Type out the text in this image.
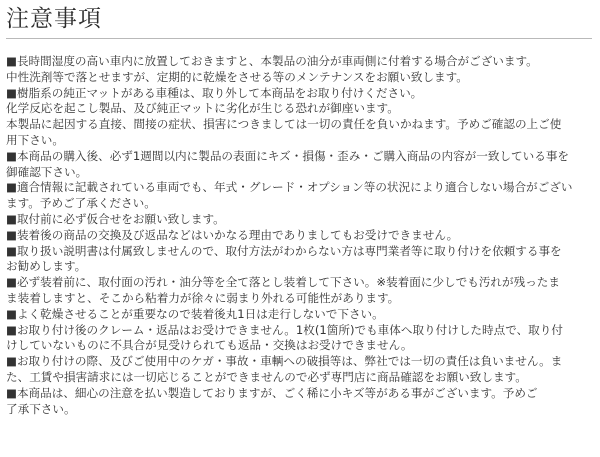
注意事項
■長時間湿度の高い車内に放置しておきますと、本製品の油分が車両側に付着する場合がございます。
中性洗剤等で落とせますが、定期的に乾燥をさせる等のメンテナンスをお願い致します。
■樹脂系の純正マットがある車種は、取り外して本商品をお取り付けください。
化学反応を起こし製品、及び純正マットに劣化が生じる恐れが御座います。
本製品に起因する直接、間接の症状、損害につきましては一切の責任を負いかねます。予めご確認の上ご使
用下さい。
■本商品の購入後、必ず1週間以内に製品の表面にキズ・損傷・歪み・ご購入商品の内容が一致している事を
御確認下さい。
■適合情報に記載されている車両でも、年式・グレード・オプション等の状況により適合しない場合がござい
ます。予めご了承ください。
■取付前に必ず仮合せをお願い致します。
■装着後の商品の交換及び返品などはいかなる理由でありましてもお受けできません。
■取り扱い説明書は付属致しませんので、取付方法がわからない方は専門業者等に取り付けを依頼する事を
お勧めします。
■必ず装着前に、取付面の汚れ・油分等を全て落とし装着して下さい。※装着面に少しでも汚れが残ったま
ま装着しますと、そこから粘着力が徐々に弱まり外れる可能性があります。
■よく乾燥させることが重要なので装着後丸1日は走行しないで下さい。
■お取り付け後のクレーム・返品はお受けできません。1枚(1箇所)でも車体へ取り付けした時点で、取り付
けしていないものに不具合が見受けられても返品・交換はお受けできません。
■お取り付けの際、及びご使用中のケガ・事故・車輌への破損等は、弊社では一切の責任は負いません。ま
た、工賃や損害請求には一切応じることができませんので必ず専門店に商品確認をお願い致します。
■本商品は、細心の注意を払い製造しておりますが、ごく稀に小キズ等がある事がございます。予めご
了承下さい。
